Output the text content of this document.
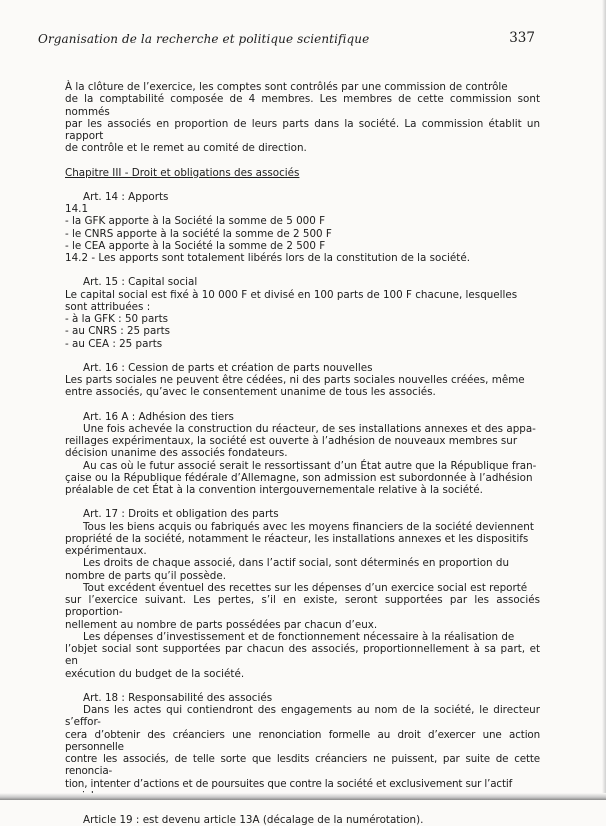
Organisation de la recherche et politique scientifique	337

À la clôture de l’exercice, les comptes sont contrôlés par une commission de contrôle

de la comptabilité composée de 4 membres. Les membres de cette commission sont nommés

par les associés en proportion de leurs parts dans la société. La commission établit un rapport

de contrôle et le remet au comité de direction.

Chapitre III - Droit et obligations des associés

Art. 14 : Apports

14.1

- la GFK apporte à la Société la somme de 5 000 F

- le CNRS apporte à la société la somme de 2 500 F

- le CEA apporte à la Société la somme de 2 500 F

14.2 - Les apports sont totalement libérés lors de la constitution de la société.

Art. 15 : Capital social

Le capital social est fixé à 10 000 F et divisé en 100 parts de 100 F chacune, lesquelles

sont attribuées :

- à la GFK : 50 parts

- au CNRS : 25 parts

- au CEA : 25 parts

Art. 16 : Cession de parts et création de parts nouvelles

Les parts sociales ne peuvent être cédées, ni des parts sociales nouvelles créées, même

entre associés, qu’avec le consentement unanime de tous les associés.

Art. 16 A : Adhésion des tiers

Une fois achevée la construction du réacteur, de ses installations annexes et des appa-

reillages expérimentaux, la société est ouverte à l’adhésion de nouveaux membres sur

décision unanime des associés fondateurs.

Au cas où le futur associé serait le ressortissant d’un État autre que la République fran-

çaise ou la République fédérale d’Allemagne, son admission est subordonnée à l’adhésion

préalable de cet État à la convention intergouvernementale relative à la société.

Art. 17 : Droits et obligation des parts

Tous les biens acquis ou fabriqués avec les moyens financiers de la société deviennent

propriété de la société, notamment le réacteur, les installations annexes et les dispositifs

expérimentaux.

Les droits de chaque associé, dans l’actif social, sont déterminés en proportion du

nombre de parts qu’il possède.

Tout excédent éventuel des recettes sur les dépenses d’un exercice social est reporté

sur l’exercice suivant. Les pertes, s’il en existe, seront supportées par les associés proportion-

nellement au nombre de parts possédées par chacun d’eux.

Les dépenses d’investissement et de fonctionnement nécessaire à la réalisation de

l’objet social sont supportées par chacun des associés, proportionnellement à sa part, et en

exécution du budget de la société.

Art. 18 : Responsabilité des associés

Dans les actes qui contiendront des engagements au nom de la société, le directeur s’effor-

cera d’obtenir des créanciers une renonciation formelle au droit d’exercer une action personnelle

contre les associés, de telle sorte que lesdits créanciers ne puissent, par suite de cette renoncia-

tion, intenter d’actions et de poursuites que contre la société et exclusivement sur l’actif

Article 19 : est devenu article 13A (décalage de la numérotation).
